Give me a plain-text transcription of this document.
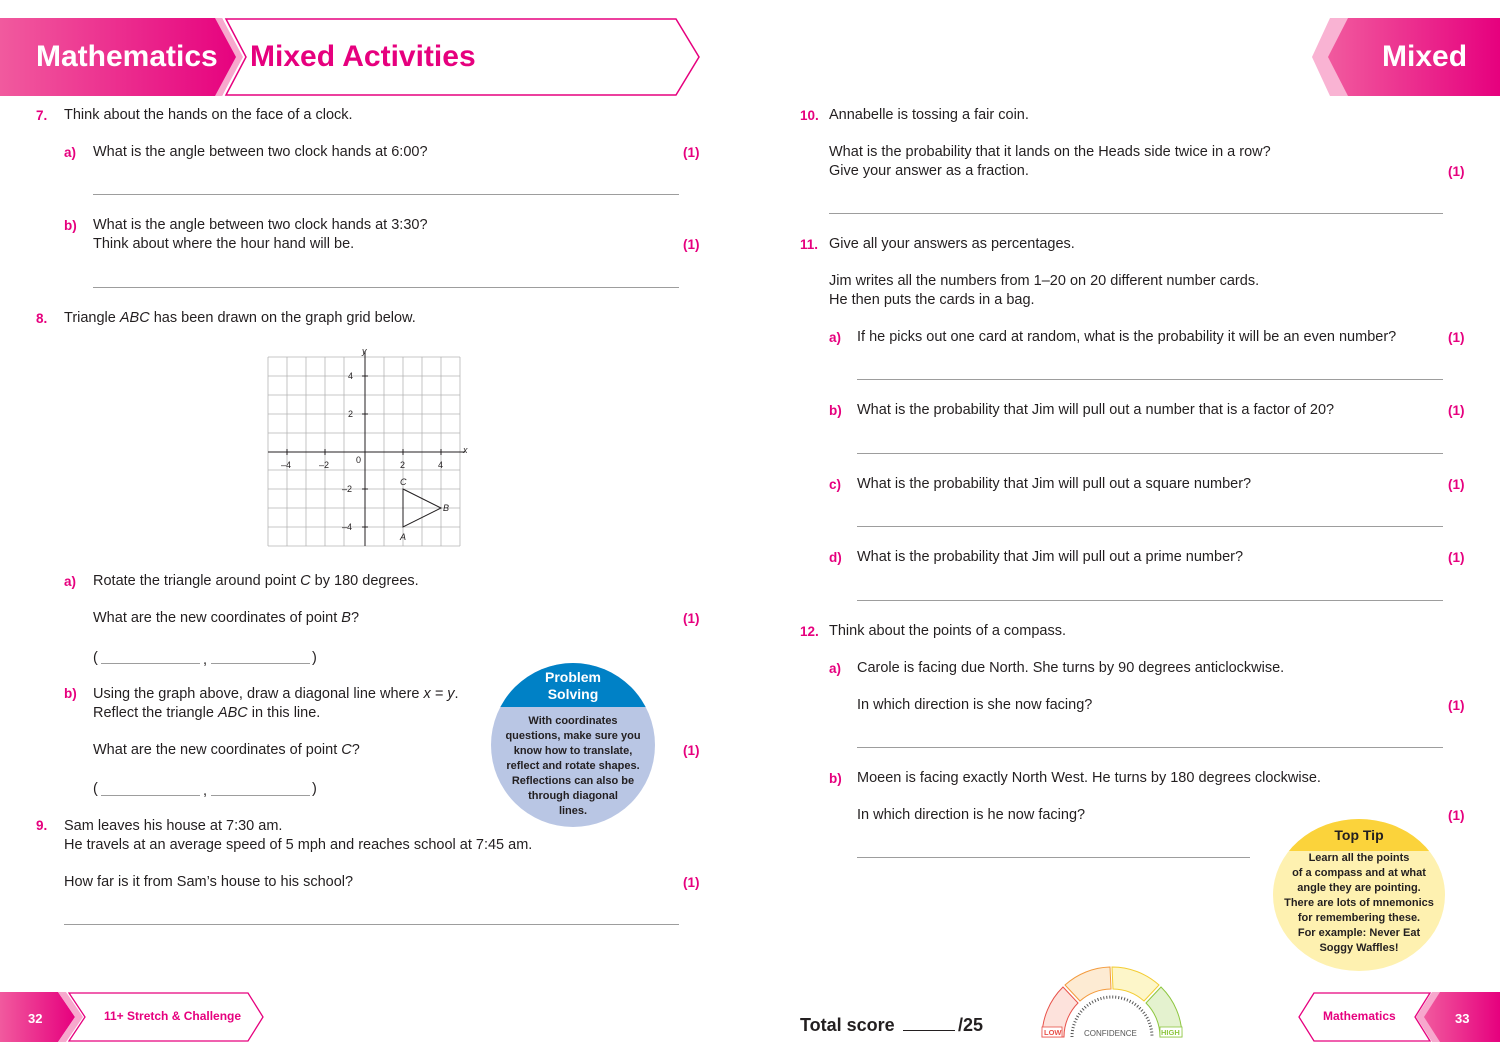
Mathematics Mixed Activities	Mixed
7. Think about the hands on the face of a clock.
a) What is the angle between two clock hands at 6:00?	(1)
b) What is the angle between two clock hands at 3:30?
Think about where the hour hand will be.	(1)
8. Triangle ABC has been drawn on the graph grid below.
y
x
0
–4	–2	2	4
4
2
–2
–4
C
B
A
a) Rotate the triangle around point C by 180 degrees.
What are the new coordinates of point B?	(1)
(	,	)
b) Using the graph above, draw a diagonal line where x = y.
Reflect the triangle ABC in this line.
What are the new coordinates of point C?	(1)
(	,	)
Problem
Solving
With coordinates
questions, make sure you
know how to translate,
reflect and rotate shapes.
Reflections can also be
through diagonal
lines.
9. Sam leaves his house at 7:30 am.
He travels at an average speed of 5 mph and reaches school at 7:45 am.
How far is it from Sam’s house to his school?	(1)
10. Annabelle is tossing a fair coin.
What is the probability that it lands on the Heads side twice in a row?
Give your answer as a fraction.	(1)
11. Give all your answers as percentages.
Jim writes all the numbers from 1–20 on 20 different number cards.
He then puts the cards in a bag.
a) If he picks out one card at random, what is the probability it will be an even number?	(1)
b) What is the probability that Jim will pull out a number that is a factor of 20?	(1)
c) What is the probability that Jim will pull out a square number?	(1)
d) What is the probability that Jim will pull out a prime number?	(1)
12. Think about the points of a compass.
a) Carole is facing due North. She turns by 90 degrees anticlockwise.
In which direction is she now facing?	(1)
b) Moeen is facing exactly North West. He turns by 180 degrees clockwise.
In which direction is he now facing?	(1)
Top Tip
Learn all the points
of a compass and at what
angle they are pointing.
There are lots of mnemonics
for remembering these.
For example: Never Eat
Soggy Waffles!
32	11+ Stretch & Challenge	Mathematics	33
Total score	/25	LOW	HIGH
CONFIDENCE
